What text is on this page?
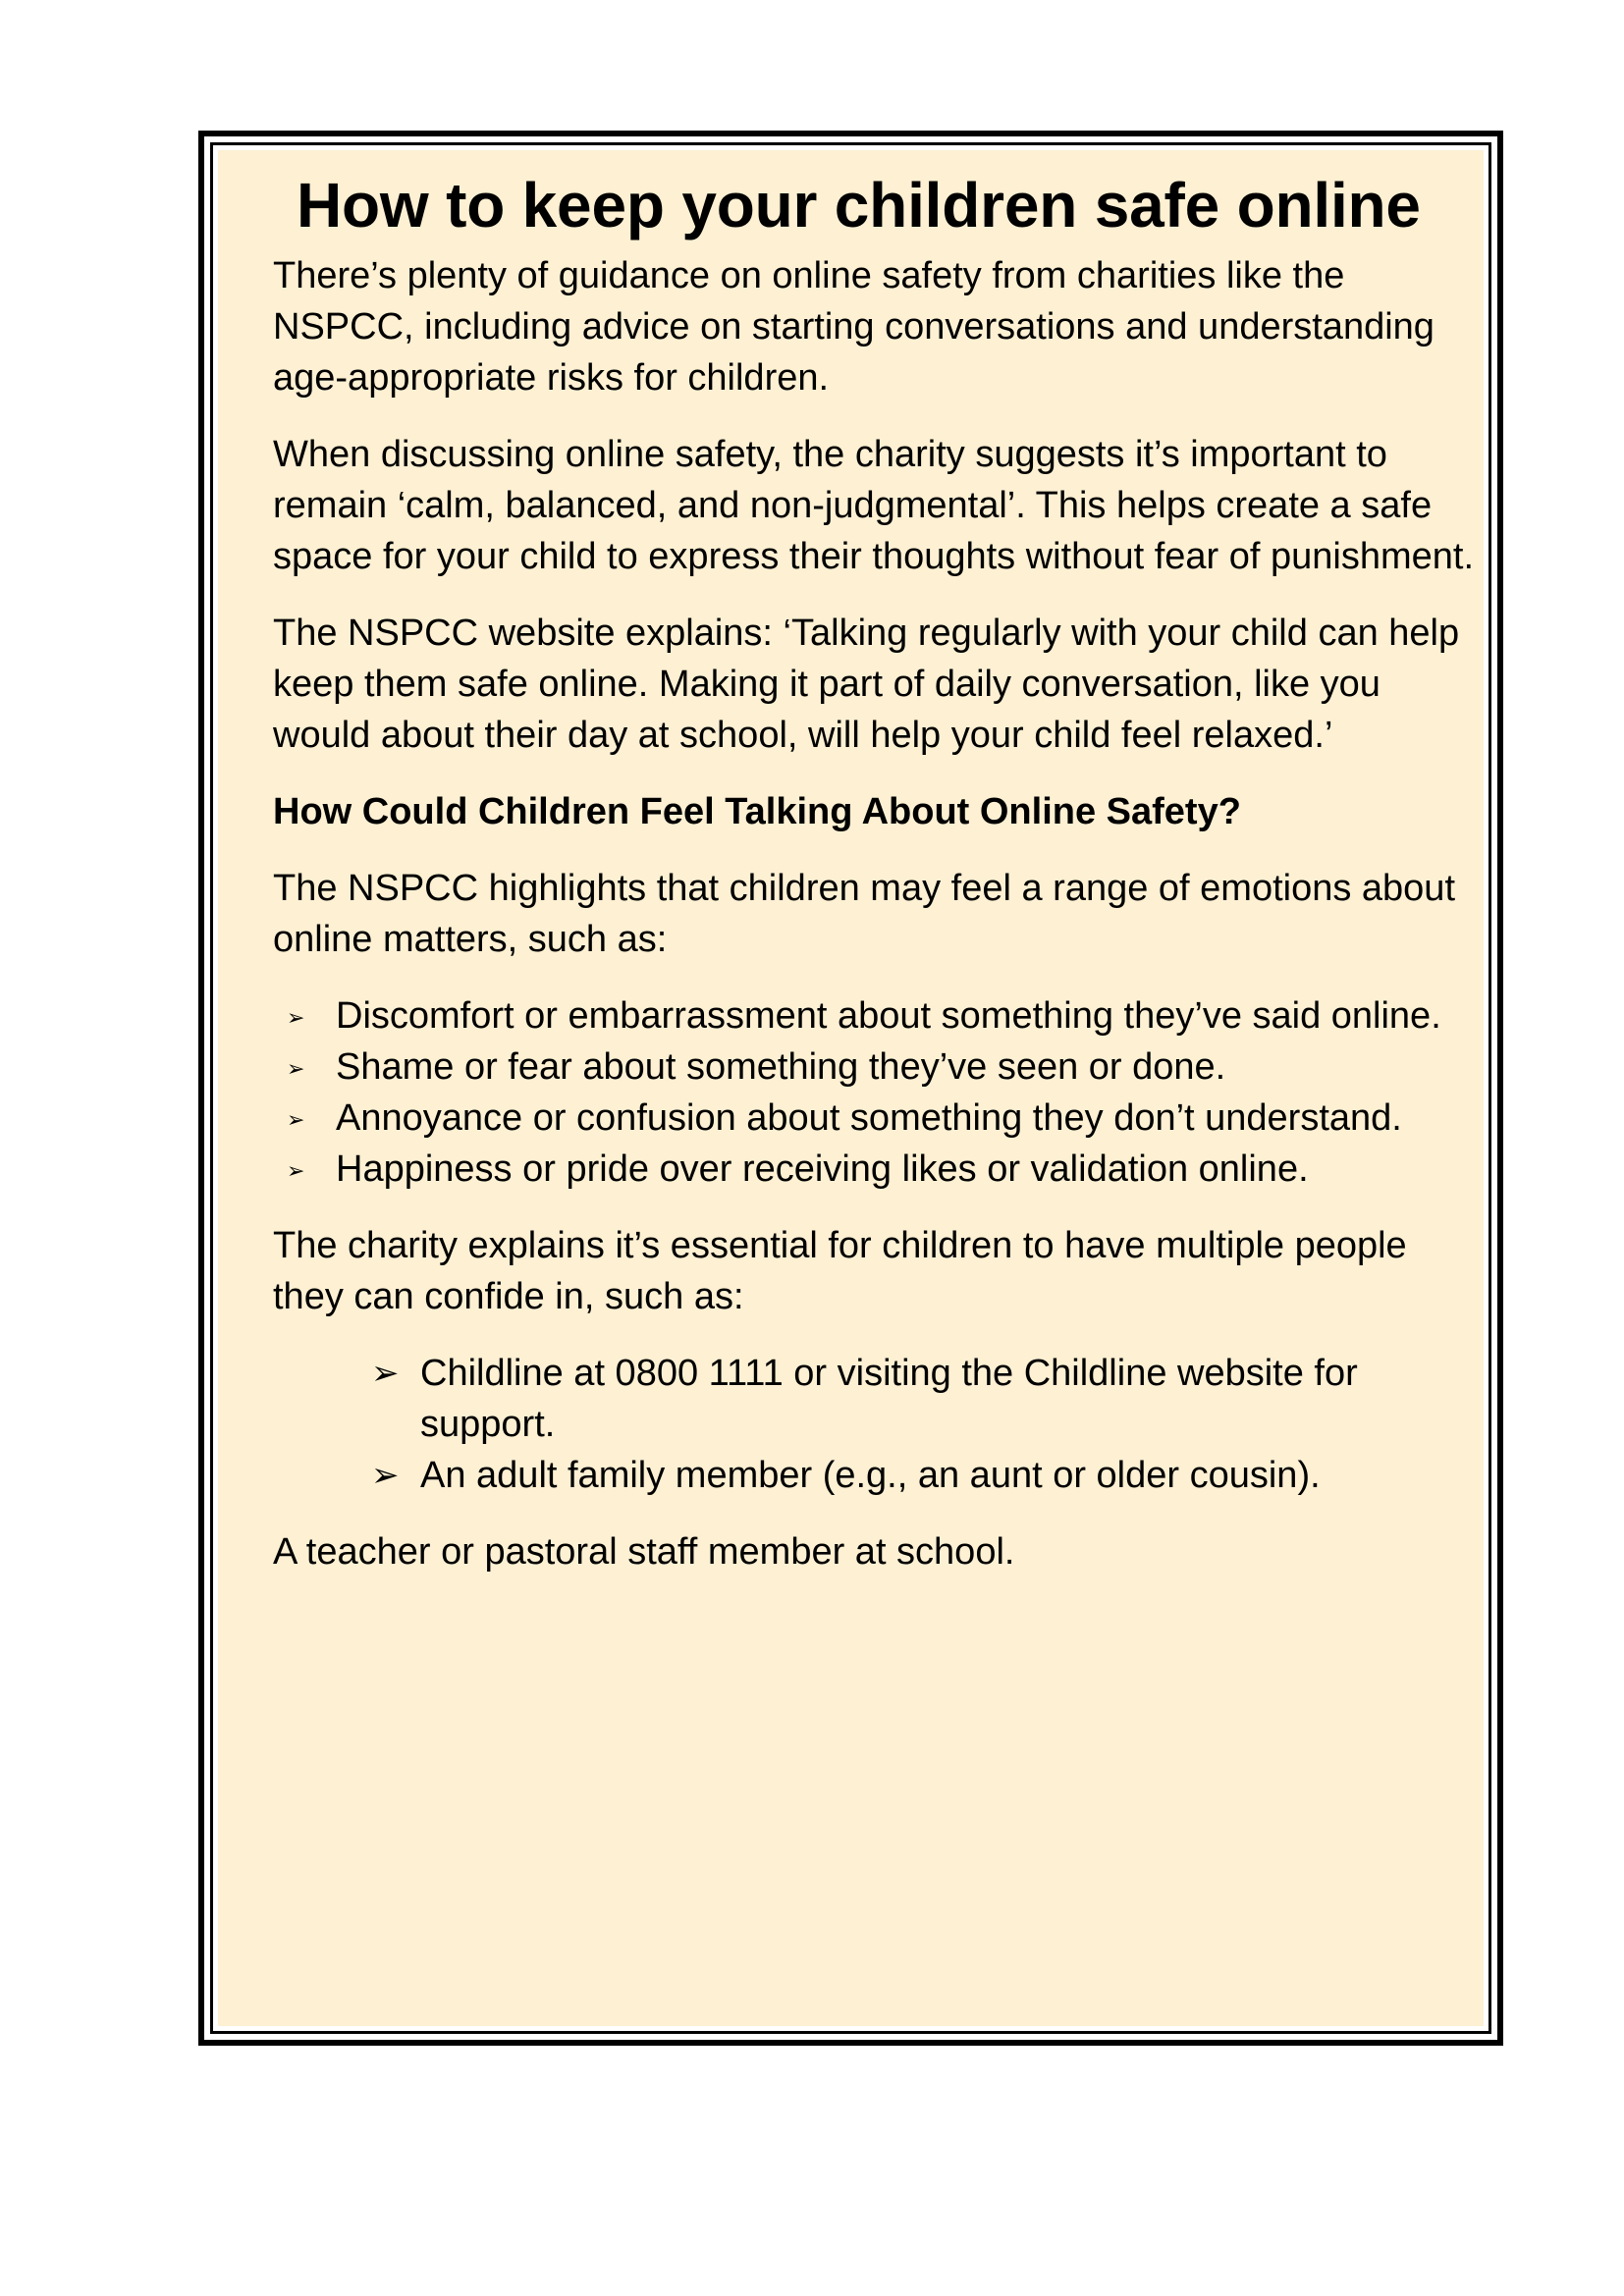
How to keep your children safe online

There’s plenty of guidance on online safety from charities like the NSPCC, including advice on starting conversations and understanding age-appropriate risks for children.

When discussing online safety, the charity suggests it’s important to remain ‘calm, balanced, and non-judgmental’. This helps create a safe space for your child to express their thoughts without fear of punishment.

The NSPCC website explains: ‘Talking regularly with your child can help keep them safe online. Making it part of daily conversation, like you would about their day at school, will help your child feel relaxed.’

How Could Children Feel Talking About Online Safety?

The NSPCC highlights that children may feel a range of emotions about online matters, such as:

➢ Discomfort or embarrassment about something they’ve said online.
➢ Shame or fear about something they’ve seen or done.
➢ Annoyance or confusion about something they don’t understand.
➢ Happiness or pride over receiving likes or validation online.

The charity explains it’s essential for children to have multiple people they can confide in, such as:

➢ Childline at 0800 1111 or visiting the Childline website for support.
➢ An adult family member (e.g., an aunt or older cousin).

A teacher or pastoral staff member at school.
